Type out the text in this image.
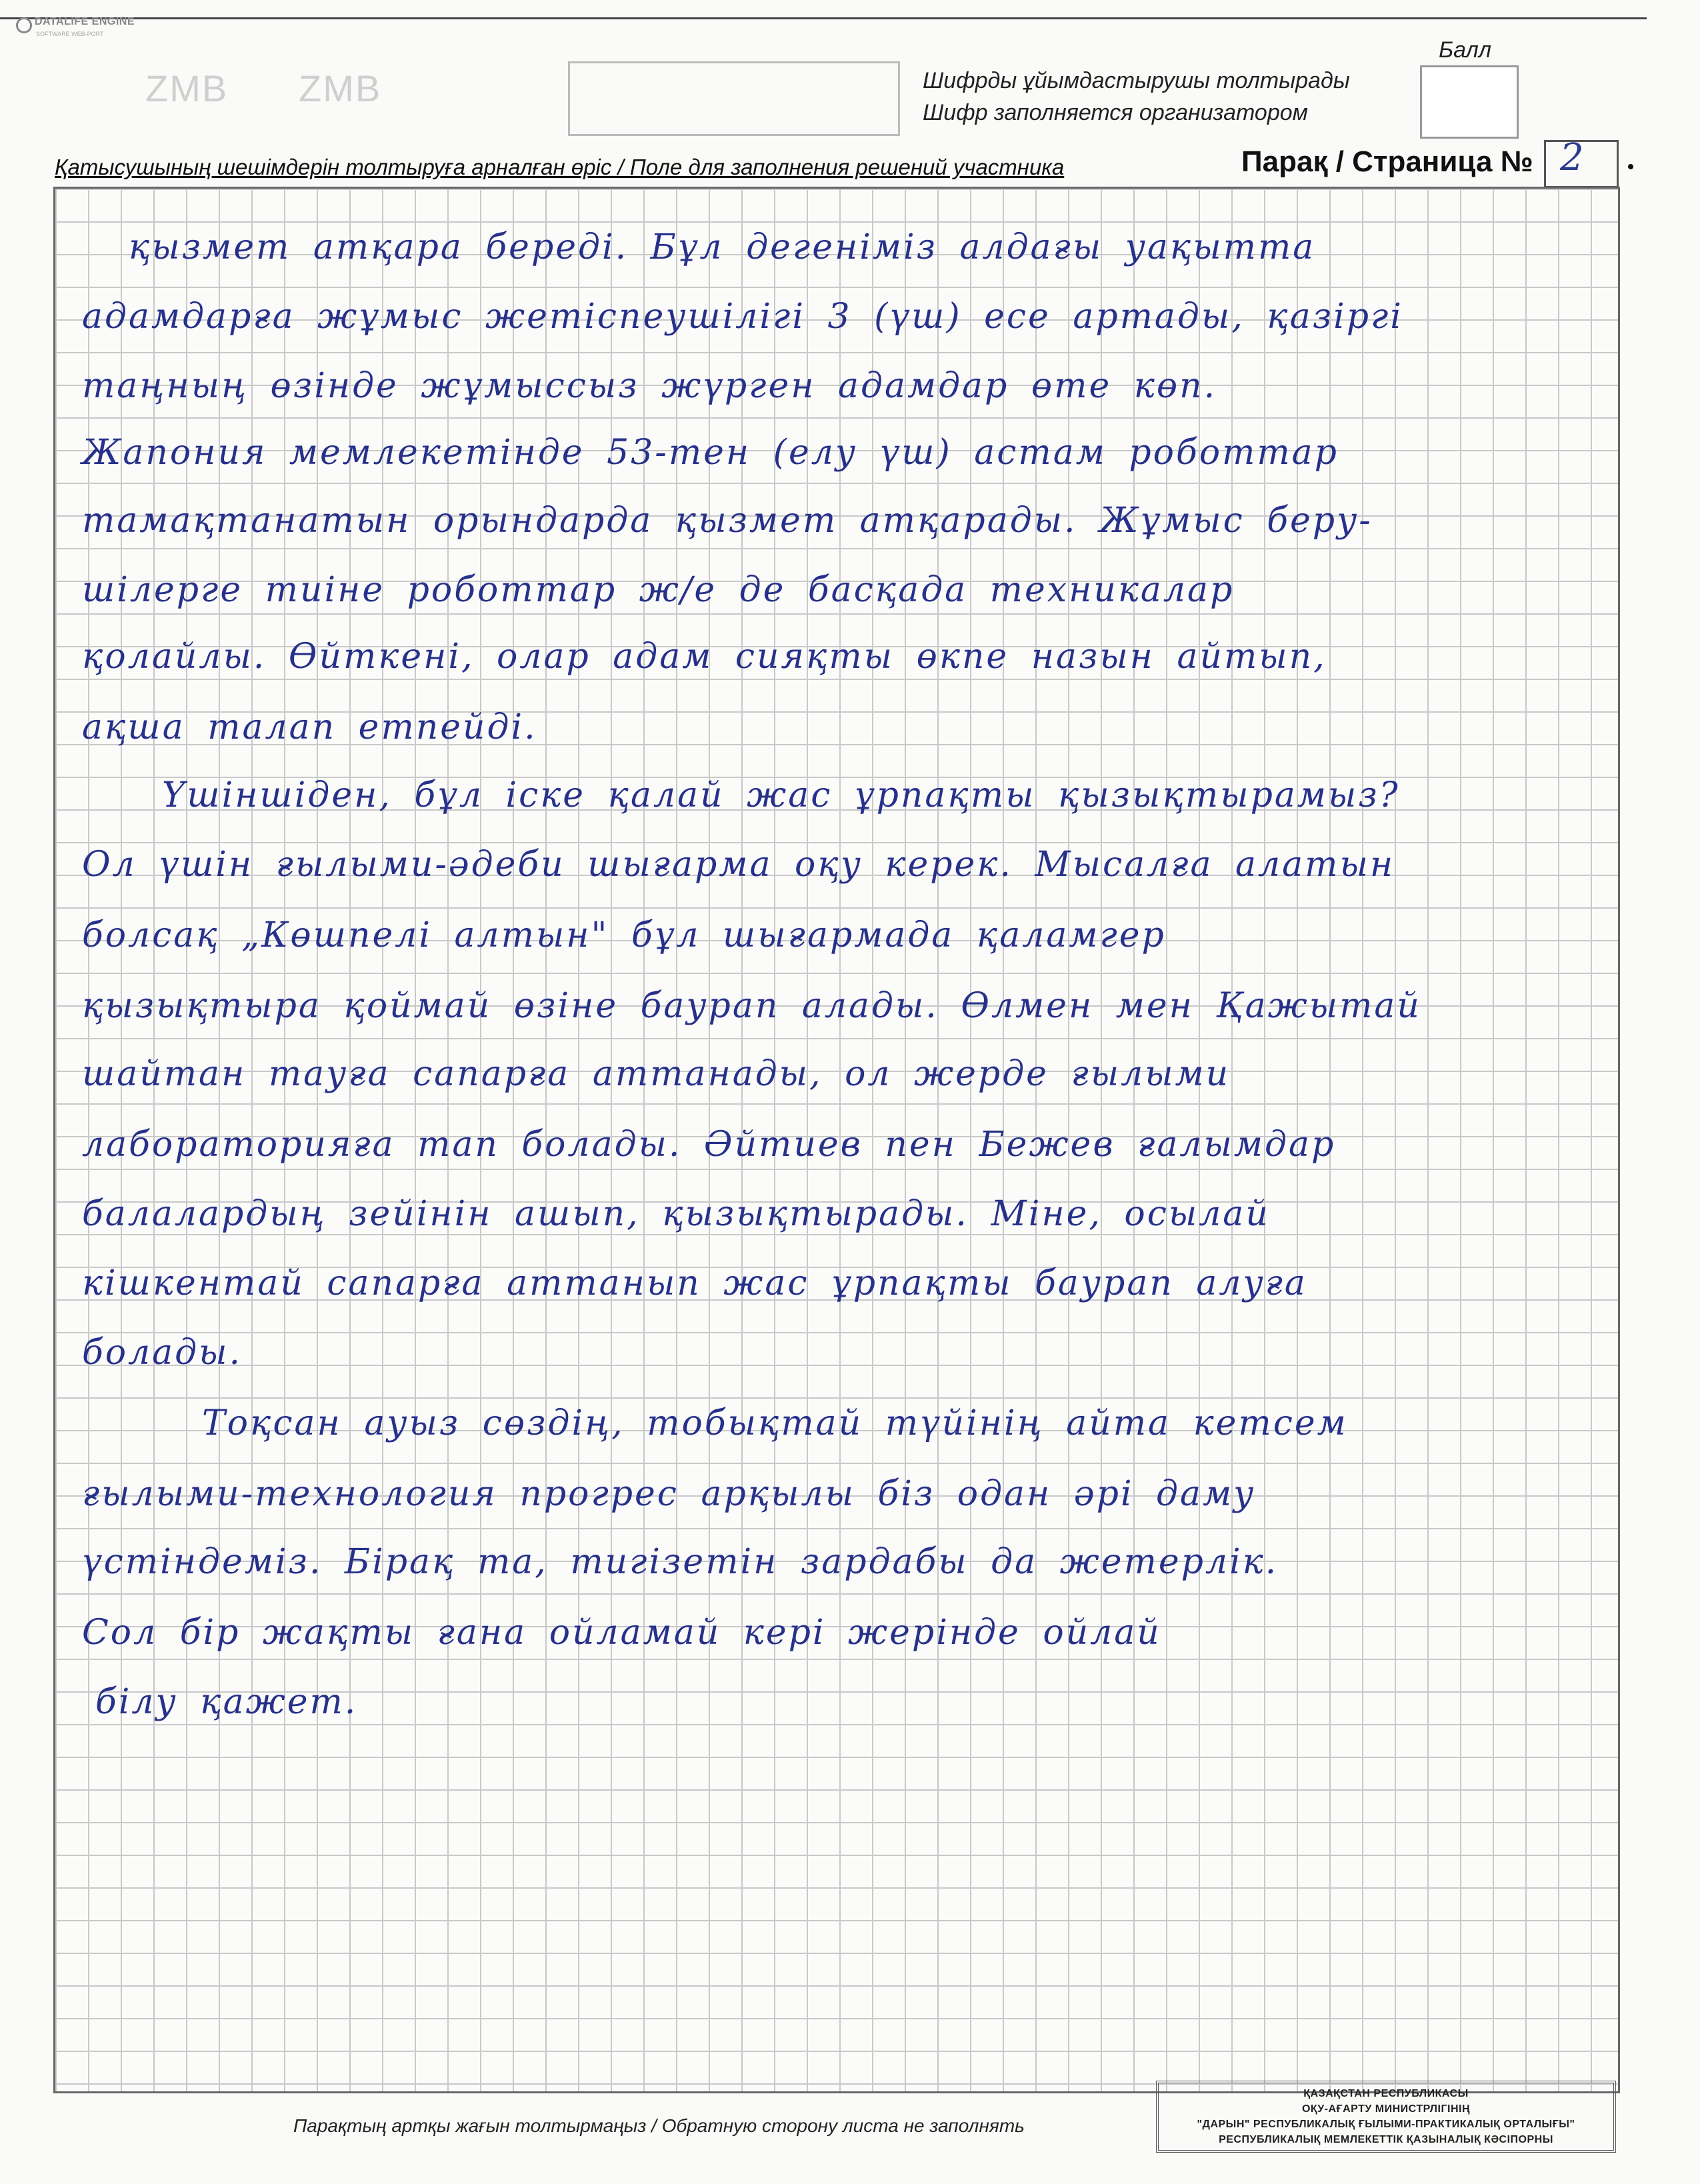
DATALIFE ENGINE
SOFTWARE WEB-PORT
ZMB ZMB	Шифрды ұйымдастырушы толтырады
Шифр заполняется организатором
Балл
Қатысушының шешімдерін толтыруға арналған өріс / Поле для заполнения решений участника	Парақ / Страница № 2
қызмет атқара береді. Бұл дегеніміз алдағы уақытта
адамдарға жұмыс жетіспеушілігі 3 (үш) есе артады, қазіргі
таңның өзінде жұмыссыз жүрген адамдар өте көп.
Жапония мемлекетінде 53-тен (елу үш) астам роботтар
тамақтанатын орындарда қызмет атқарады. Жұмыс беру-
шілерге тиіне роботтар ж/е де басқада техникалар
қолайлы. Өйткені, олар адам сияқты өкпе назын айтып,
ақша талап етпейді.
Үшіншіден, бұл іске қалай жас ұрпақты қызықтырамыз?
Ол үшін ғылыми-әдеби шығарма оқу керек. Мысалға алатын
болсақ „Көшпелі алтын" бұл шығармада қаламгер
қызықтыра қоймай өзіне баурап алады. Өлмен мен Қажытай
шайтан тауға сапарға аттанады, ол жерде ғылыми
лабораторияға тап болады. Әйтиев пен Бежев ғалымдар
балалардың зейінін ашып, қызықтырады. Міне, осылай
кішкентай сапарға аттанып жас ұрпақты баурап алуға
болады.
Тоқсан ауыз сөздің, тобықтай түйінің айта кетсем
ғылыми-технология прогрес арқылы біз одан әрі даму
үстіндеміз. Бірақ та, тигізетін зардабы да жетерлік.
Сол бір жақты ғана ойламай кері жерінде ойлай
білу қажет.
Парақтың артқы жағын толтырмаңыз / Обратную сторону листа не заполнять
ҚАЗАҚСТАН РЕСПУБЛИКАСЫ
ОҚУ-АҒАРТУ МИНИСТРЛІГІНІҢ
"ДАРЫН" РЕСПУБЛИКАЛЫҚ ҒЫЛЫМИ-ПРАКТИКАЛЫҚ ОРТАЛЫҒЫ"
РЕСПУБЛИКАЛЫҚ МЕМЛЕКЕТТІК ҚАЗЫНАЛЫҚ КӘСІПОРНЫ
